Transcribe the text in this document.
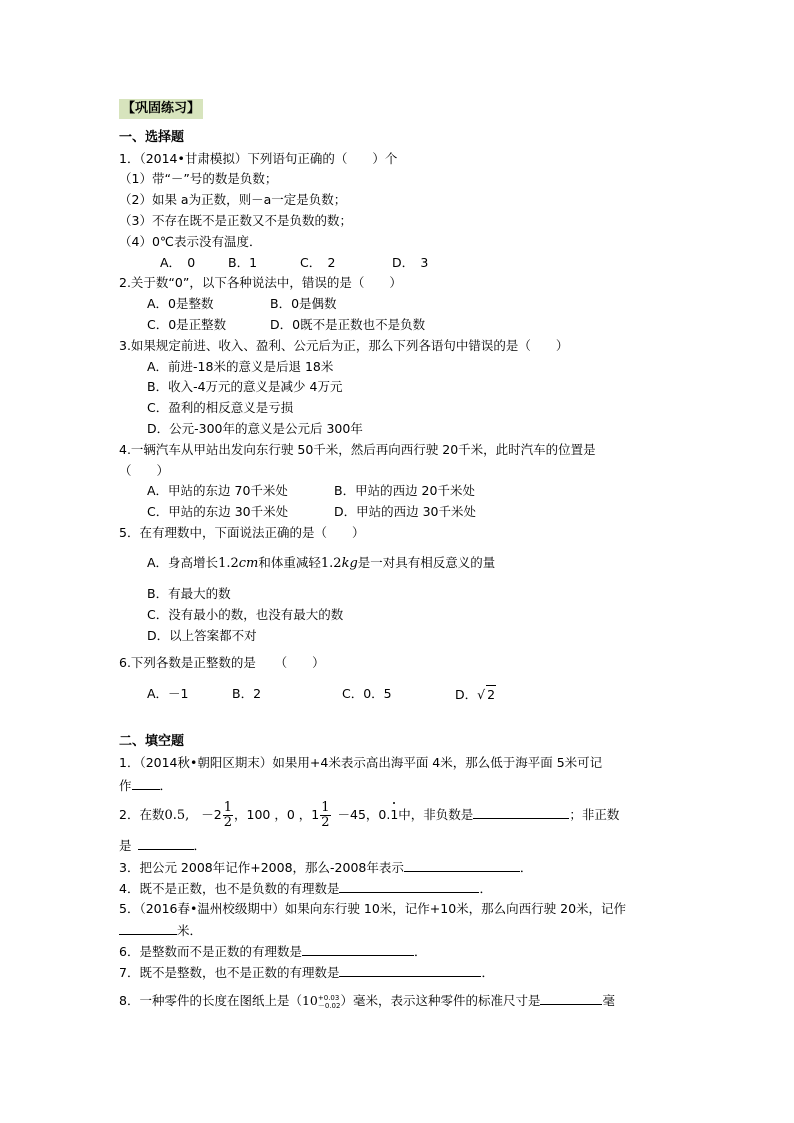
【巩固练习】
一、选择题
1．（2014•甘肃模拟）下列语句正确的（　　）个
（1）带“－”号的数是负数；
（2）如果 a为正数，则－a一定是负数；
（3）不存在既不是正数又不是负数的数；
（4）0℃表示没有温度．
A．　0	B．1	C．　2	D．　3
2.关于数“0”，以下各种说法中，错误的是（　　）
A．0是整数	B．0是偶数
C．0是正整数	D．0既不是正数也不是负数
3.如果规定前进、收入、盈利、公元后为正，那么下列各语句中错误的是（　　）
A．前进-18米的意义是后退 18米
B．收入-4万元的意义是减少 4万元
C．盈利的相反意义是亏损
D．公元-300年的意义是公元后 300年
4.一辆汽车从甲站出发向东行驶 50千米，然后再向西行驶 20千米，此时汽车的位置是
（　　）
A．甲站的东边 70千米处	B．甲站的西边 20千米处
C．甲站的东边 30千米处	D．甲站的西边 30千米处
5．在有理数中，下面说法正确的是（　　）
A．身高增长1.2cm和体重减轻1.2kg是一对具有相反意义的量
B．有最大的数
C．没有最小的数，也没有最大的数
D．以上答案都不对
6.下列各数是正整数的是　　（　　）
A．－1	B．2	C．0．5	D．√ 2
二、填空题
1．（2014秋•朝阳区期末）如果用+4米表示高出海平面 4米，那么低于海平面 5米可记
作 ．
2．在数0.5, $-2 \frac{1}{2}$ ，100 ，0 ，$1 \frac{1}{2} -45$，0.1中，非负数是	；非正数
是	．
3．把公元 2008年记作+2008，那么-2008年表示	．
4．既不是正数，也不是负数的有理数是	．
5．（2016春•温州校级期中）如果向东行驶 10米，记作+10米，那么向西行驶 20米，记作
米．
6．是整数而不是正数的有理数是	．
7．既不是整数，也不是正数的有理数是	．
8．一种零件的长度在图纸上是（10 +0.03
－0.02 ）毫米，表示这种零件的标准尺寸是	毫
